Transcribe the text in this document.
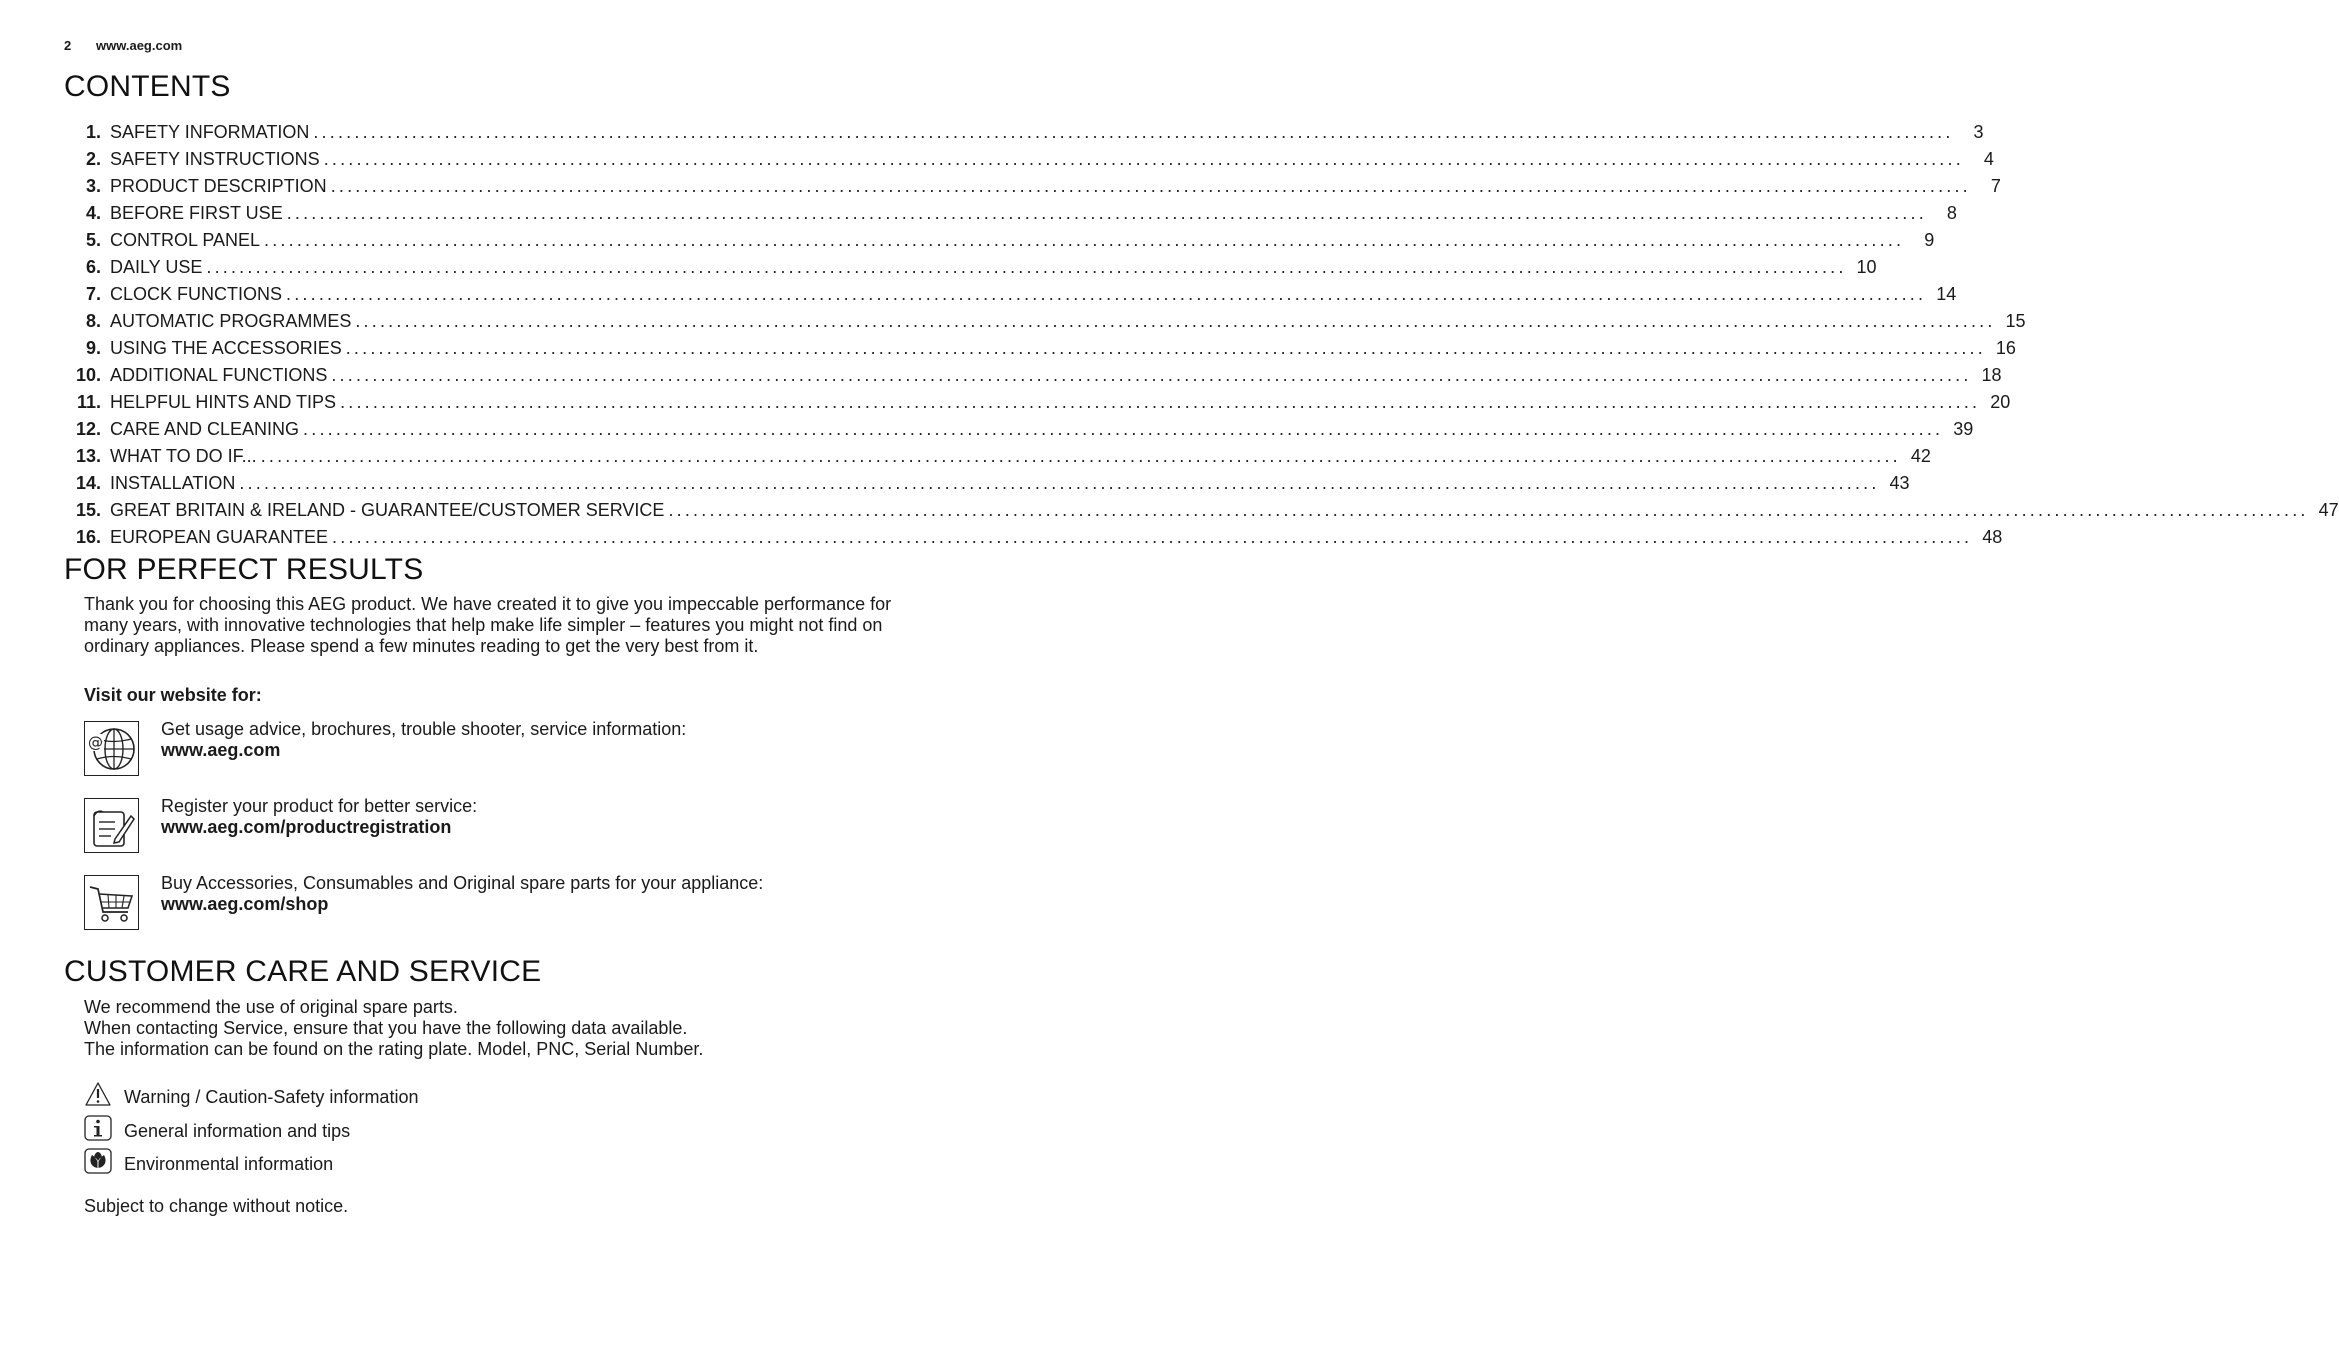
2 www.aeg.com
CONTENTS
1. SAFETY INFORMATION ........................................................................................................................................................................................................	3
2. SAFETY INSTRUCTIONS ........................................................................................................................................................................................................	4
3. PRODUCT DESCRIPTION ........................................................................................................................................................................................................	7
4. BEFORE FIRST USE ........................................................................................................................................................................................................	8
5. CONTROL PANEL ........................................................................................................................................................................................................	9
6. DAILY USE ........................................................................................................................................................................................................ 10
7. CLOCK FUNCTIONS ........................................................................................................................................................................................................ 14
8. AUTOMATIC PROGRAMMES ........................................................................................................................................................................................................ 15
9. USING THE ACCESSORIES ........................................................................................................................................................................................................ 16
10. ADDITIONAL FUNCTIONS ........................................................................................................................................................................................................ 18
11. HELPFUL HINTS AND TIPS ........................................................................................................................................................................................................ 20
12. CARE AND CLEANING ........................................................................................................................................................................................................ 39
13. WHAT TO DO IF... ........................................................................................................................................................................................................ 42
14. INSTALLATION ........................................................................................................................................................................................................ 43
15. GREAT BRITAIN & IRELAND - GUARANTEE/CUSTOMER SERVICE ........................................................................................................................................................................................................ 47
16. EUROPEAN GUARANTEE ........................................................................................................................................................................................................ 48
FOR PERFECT RESULTS

Thank you for choosing this AEG product. We have created it to give you impeccable performance for many years, with innovative technologies that help make life simpler – features you might not find on ordinary appliances. Please spend a few minutes reading to get the very best from it.

Visit our website for:

@
Get usage advice, brochures, trouble shooter, service information:
www.aeg.com
Register your product for better service:
www.aeg.com/productregistration
Buy Accessories, Consumables and Original spare parts for your appliance:
www.aeg.com/shop
CUSTOMER CARE AND SERVICE
We recommend the use of original spare parts.
When contacting Service, ensure that you have the following data available.
The information can be found on the rating plate. Model, PNC, Serial Number.
Warning / Caution-Safety information
General information and tips
Environmental information

Subject to change without notice.
